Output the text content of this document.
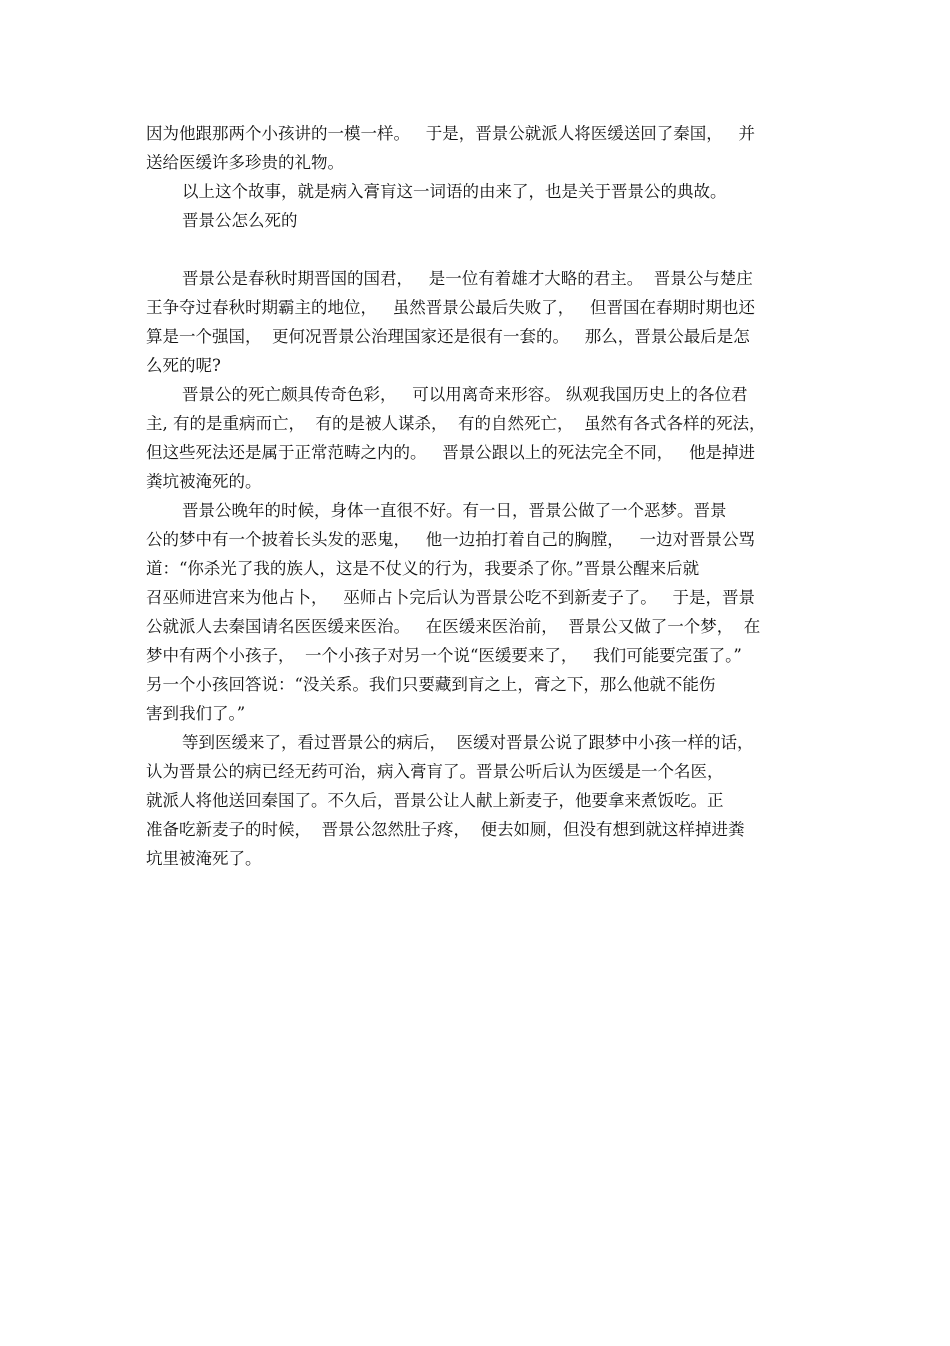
因为他跟那两个小孩讲的一模一样。   于是，晋景公就派人将医缓送回了秦国，   并
送给医缓许多珍贵的礼物。
以上这个故事，就是病入膏肓这一词语的由来了，也是关于晋景公的典故。
晋景公怎么死的
晋景公是春秋时期晋国的国君，   是一位有着雄才大略的君主。  晋景公与楚庄
王争夺过春秋时期霸主的地位，   虽然晋景公最后失败了，   但晋国在春期时期也还
算是一个强国，  更何况晋景公治理国家还是很有一套的。   那么，晋景公最后是怎
么死的呢?
晋景公的死亡颇具传奇色彩，   可以用离奇来形容。 纵观我国历史上的各位君
主, 有的是重病而亡，  有的是被人谋杀，  有的自然死亡，  虽然有各式各样的死法，
但这些死法还是属于正常范畴之内的。   晋景公跟以上的死法完全不同，   他是掉进
粪坑被淹死的。
晋景公晚年的时候，身体一直很不好。有一日，晋景公做了一个恶梦。晋景
公的梦中有一个披着长头发的恶鬼，   他一边拍打着自己的胸膛，   一边对晋景公骂
道：“你杀光了我的族人，这是不仗义的行为，我要杀了你。”晋景公醒来后就
召巫师进宫来为他占卜，   巫师占卜完后认为晋景公吃不到新麦子了。   于是，晋景
公就派人去秦国请名医医缓来医治。   在医缓来医治前，  晋景公又做了一个梦，  在
梦中有两个小孩子，  一个小孩子对另一个说“医缓要来了，   我们可能要完蛋了。”
另一个小孩回答说：“没关系。我们只要藏到肓之上，膏之下，那么他就不能伤
害到我们了。”
等到医缓来了，看过晋景公的病后，  医缓对晋景公说了跟梦中小孩一样的话，
认为晋景公的病已经无药可治，病入膏肓了。晋景公听后认为医缓是一个名医，
就派人将他送回秦国了。不久后，晋景公让人献上新麦子，他要拿来煮饭吃。正
准备吃新麦子的时候，  晋景公忽然肚子疼，  便去如厕，但没有想到就这样掉进粪
坑里被淹死了。
